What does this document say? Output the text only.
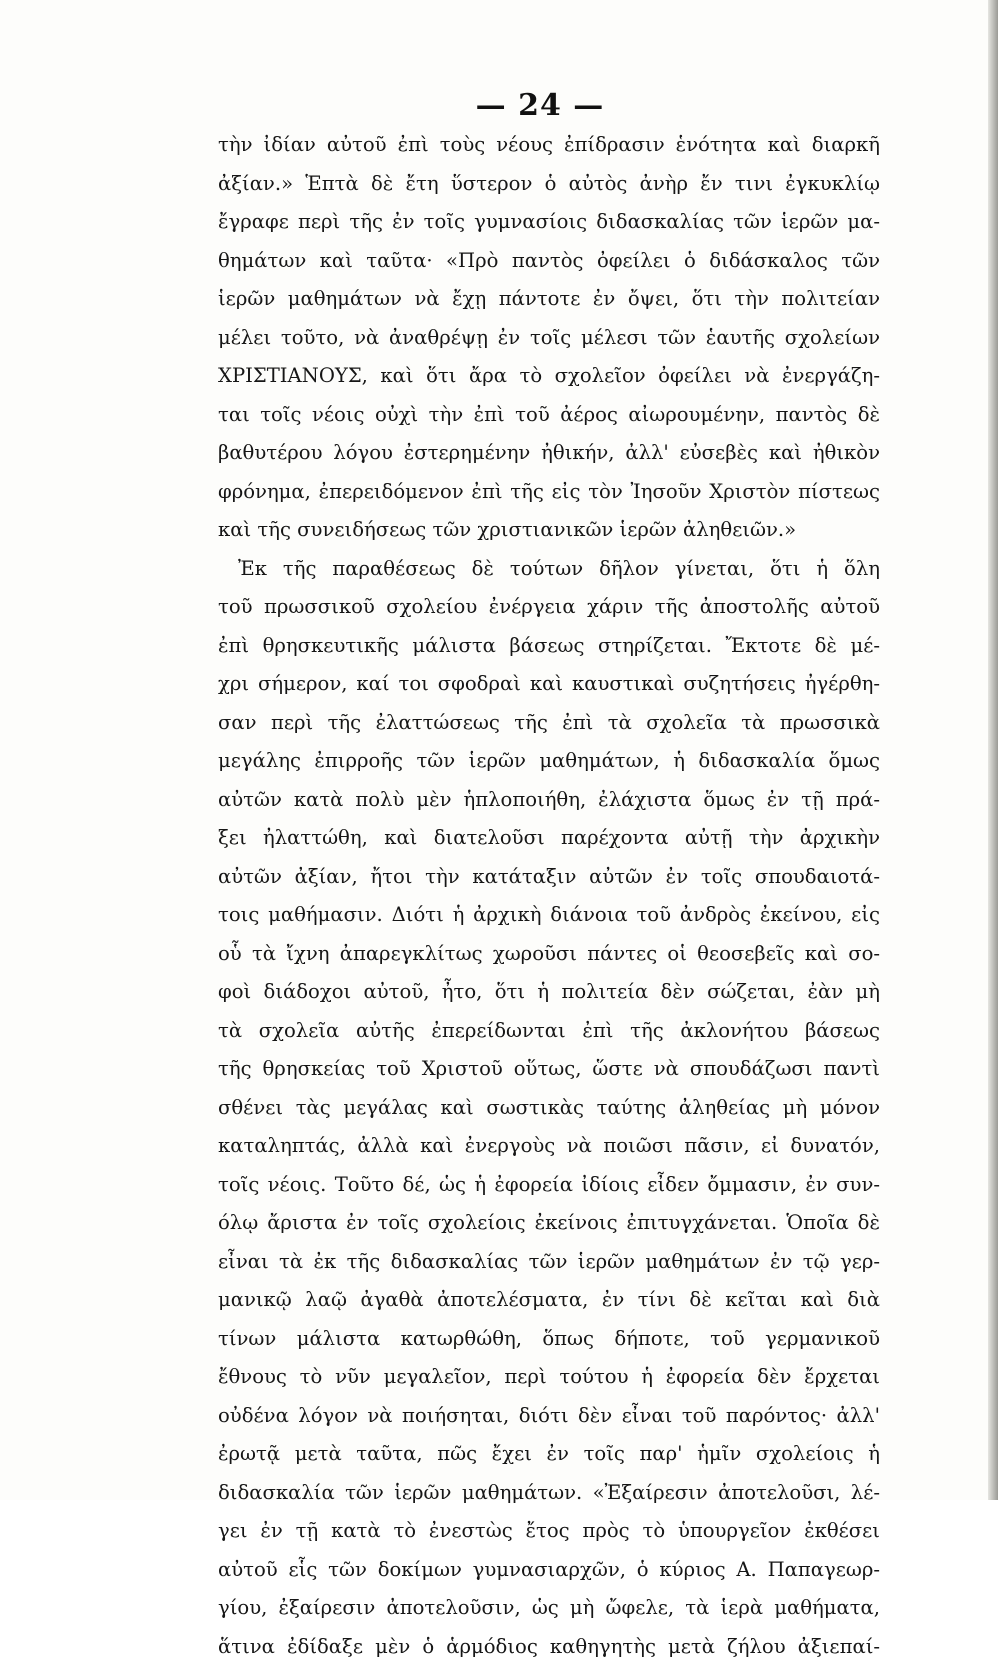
— 24 —
τὴν ἰδίαν αὐτοῦ ἐπὶ τοὺς νέους ἐπίδρασιν ἑνότητα καὶ διαρκῆ
ἀξίαν.» Ἑπτὰ δὲ ἔτη ὕστερον ὁ αὐτὸς ἀνὴρ ἔν τινι ἐγκυκλίῳ
ἔγραφε περὶ τῆς ἐν τοῖς γυμνασίοις διδασκαλίας τῶν ἱερῶν μα-
θημάτων καὶ ταῦτα· «Πρὸ παντὸς ὀφείλει ὁ διδάσκαλος τῶν
ἱερῶν μαθημάτων νὰ ἔχῃ πάντοτε ἐν ὄψει, ὅτι τὴν πολιτείαν
μέλει τοῦτο, νὰ ἀναθρέψῃ ἐν τοῖς μέλεσι τῶν ἑαυτῆς σχολείων
ΧΡΙΣΤΙΑΝΟΥΣ, καὶ ὅτι ἄρα τὸ σχολεῖον ὀφείλει νὰ ἐνεργάζη-
ται τοῖς νέοις οὐχὶ τὴν ἐπὶ τοῦ ἀέρος αἰωρουμένην, παντὸς δὲ
βαθυτέρου λόγου ἐστερημένην ἠθικήν, ἀλλ' εὐσεβὲς καὶ ἠθικὸν
φρόνημα, ἐπερειδόμενον ἐπὶ τῆς εἰς τὸν Ἰησοῦν Χριστὸν πίστεως
καὶ τῆς συνειδήσεως τῶν χριστιανικῶν ἱερῶν ἀληθειῶν.»
Ἐκ τῆς παραθέσεως δὲ τούτων δῆλον γίνεται, ὅτι ἡ ὅλη
τοῦ πρωσσικοῦ σχολείου ἐνέργεια χάριν τῆς ἀποστολῆς αὐτοῦ
ἐπὶ θρησκευτικῆς μάλιστα βάσεως στηρίζεται. Ἔκτοτε δὲ μέ-
χρι σήμερον, καί τοι σφοδραὶ καὶ καυστικαὶ συζητήσεις ἠγέρθη-
σαν περὶ τῆς ἐλαττώσεως τῆς ἐπὶ τὰ σχολεῖα τὰ πρωσσικὰ
μεγάλης ἐπιρροῆς τῶν ἱερῶν μαθημάτων, ἡ διδασκαλία ὅμως
αὐτῶν κατὰ πολὺ μὲν ἡπλοποιήθη, ἐλάχιστα ὅμως ἐν τῇ πρά-
ξει ἠλαττώθη, καὶ διατελοῦσι παρέχοντα αὐτῇ τὴν ἀρχικὴν
αὐτῶν ἀξίαν, ἤτοι τὴν κατάταξιν αὐτῶν ἐν τοῖς σπουδαιοτά-
τοις μαθήμασιν. Διότι ἡ ἀρχικὴ διάνοια τοῦ ἀνδρὸς ἐκείνου, εἰς
οὗ τὰ ἴχνη ἀπαρεγκλίτως χωροῦσι πάντες οἱ θεοσεβεῖς καὶ σο-
φοὶ διάδοχοι αὐτοῦ, ἦτο, ὅτι ἡ πολιτεία δὲν σώζεται, ἐὰν μὴ
τὰ σχολεῖα αὐτῆς ἐπερείδωνται ἐπὶ τῆς ἀκλονήτου βάσεως
τῆς θρησκείας τοῦ Χριστοῦ οὕτως, ὥστε νὰ σπουδάζωσι παντὶ
σθένει τὰς μεγάλας καὶ σωστικὰς ταύτης ἀληθείας μὴ μόνον
καταληπτάς, ἀλλὰ καὶ ἐνεργοὺς νὰ ποιῶσι πᾶσιν, εἰ δυνατόν,
τοῖς νέοις. Τοῦτο δέ, ὡς ἡ ἐφορεία ἰδίοις εἶδεν ὄμμασιν, ἐν συν-
όλῳ ἄριστα ἐν τοῖς σχολείοις ἐκείνοις ἐπιτυγχάνεται. Ὁποῖα δὲ
εἶναι τὰ ἐκ τῆς διδασκαλίας τῶν ἱερῶν μαθημάτων ἐν τῷ γερ-
μανικῷ λαῷ ἀγαθὰ ἀποτελέσματα, ἐν τίνι δὲ κεῖται καὶ διὰ
τίνων μάλιστα κατωρθώθη, ὅπως δήποτε, τοῦ γερμανικοῦ
ἔθνους τὸ νῦν μεγαλεῖον, περὶ τούτου ἡ ἐφορεία δὲν ἔρχεται
οὐδένα λόγον νὰ ποιήσηται, διότι δὲν εἶναι τοῦ παρόντος· ἀλλ'
ἐρωτᾷ μετὰ ταῦτα, πῶς ἔχει ἐν τοῖς παρ' ἡμῖν σχολείοις ἡ
διδασκαλία τῶν ἱερῶν μαθημάτων. «Ἐξαίρεσιν ἀποτελοῦσι, λέ-
γει ἐν τῇ κατὰ τὸ ἐνεστὼς ἔτος πρὸς τὸ ὑπουργεῖον ἐκθέσει
αὐτοῦ εἷς τῶν δοκίμων γυμνασιαρχῶν, ὁ κύριος Α. Παπαγεωρ-
γίου, ἐξαίρεσιν ἀποτελοῦσιν, ὡς μὴ ὤφελε, τὰ ἱερὰ μαθήματα,
ἅτινα ἐδίδαξε μὲν ὁ ἁρμόδιος καθηγητὴς μετὰ ζήλου ἀξιεπαί-
